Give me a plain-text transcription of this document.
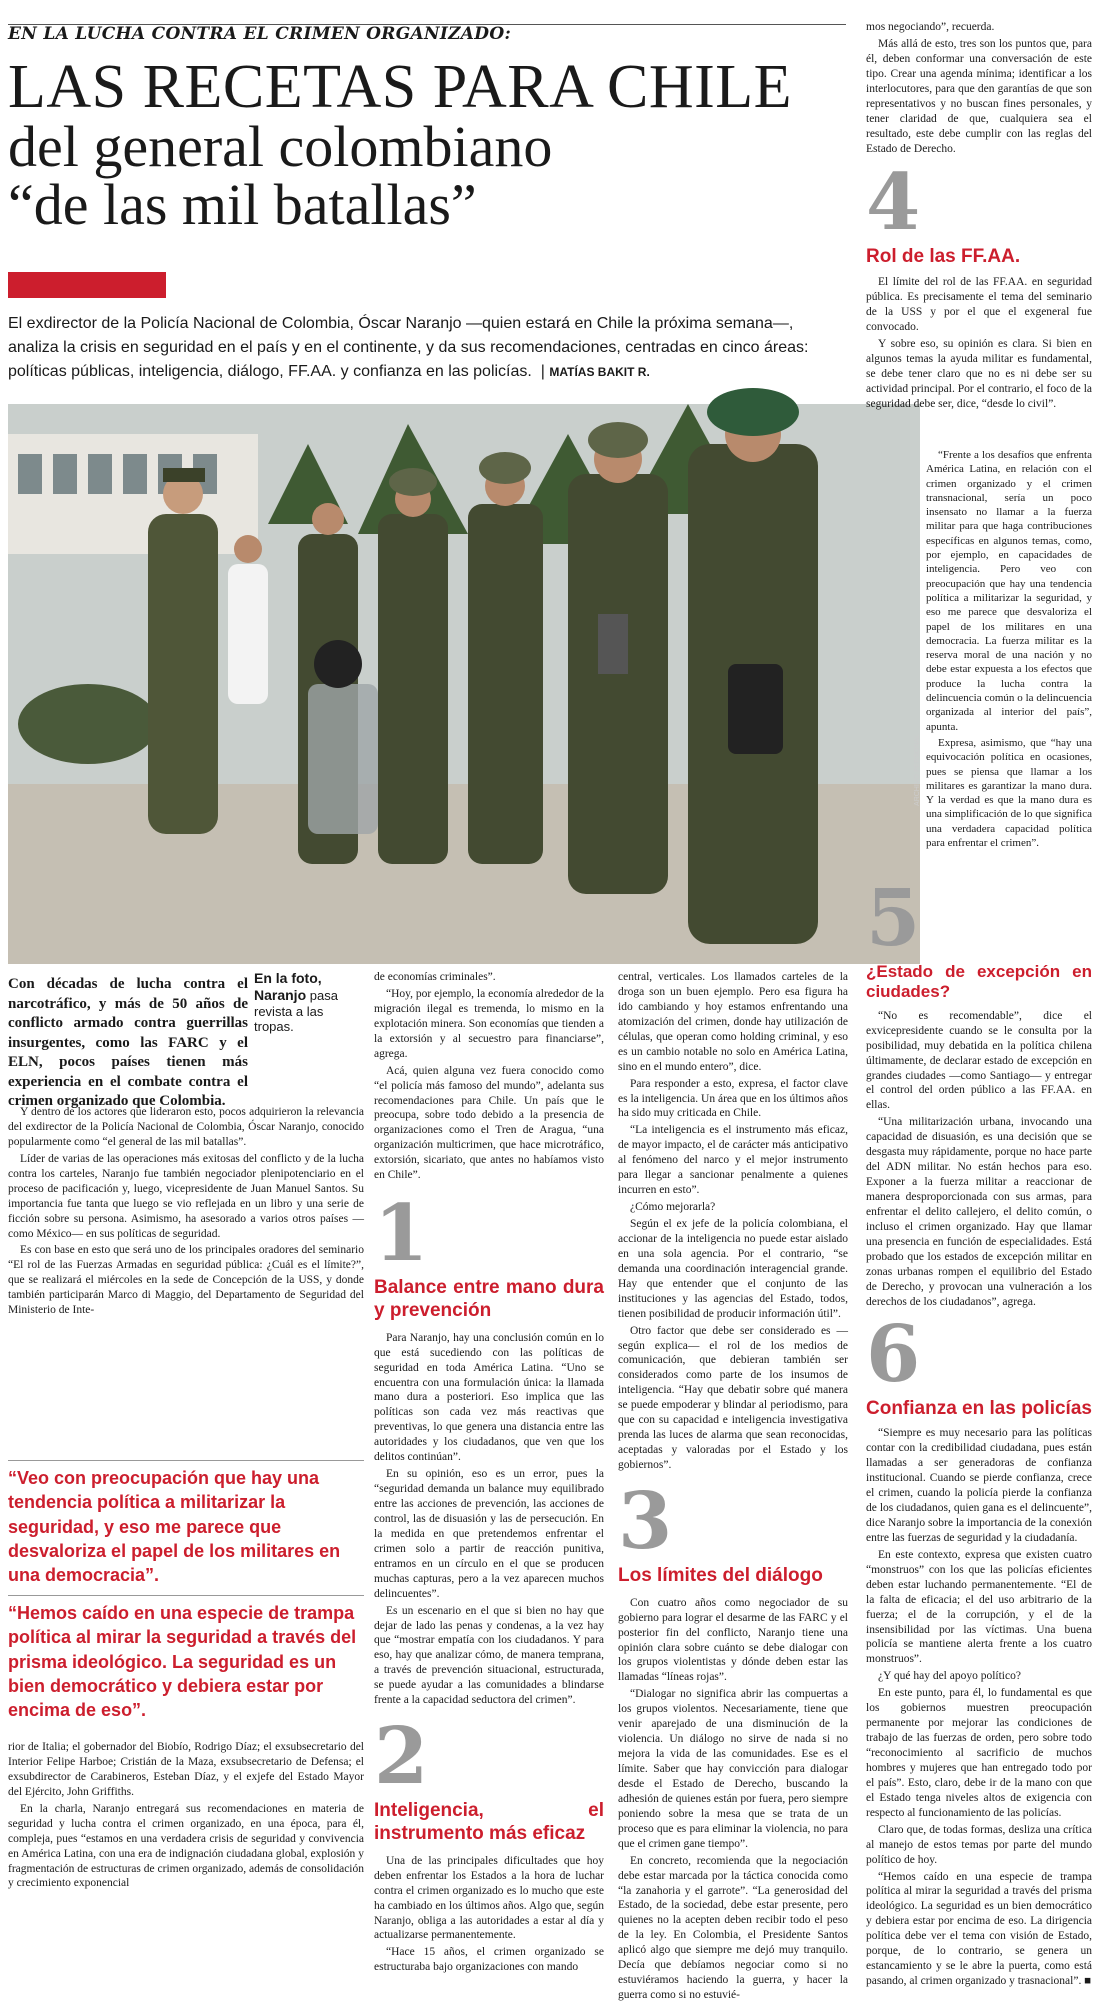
EN LA LUCHA CONTRA EL CRIMEN ORGANIZADO:
LAS RECETAS PARA CHILE
del general colombiano
“de las mil batallas”
El exdirector de la Policía Nacional de Colombia, Óscar Naranjo —quien estará en Chile la próxima semana—, analiza la crisis en seguridad en el país y en el continente, y da sus recomendaciones, centradas en cinco áreas: políticas públicas, inteligencia, diálogo, FF.AA. y confianza en las policías.  | MATÍAS BAKIT R.
ARCHIVO PERSONAL
En la foto, Naranjo pasa revista a las tropas.

Con décadas de lucha contra el narcotráfico, y más de 50 años de conflicto armado contra guerrillas insurgentes, como las FARC y el ELN, pocos países tienen más experiencia en el combate contra el crimen organizado que Colombia.

Y dentro de los actores que lideraron esto, pocos adquirieron la relevancia del exdirector de la Policía Nacional de Colombia, Óscar Naranjo, conocido popularmente como “el general de las mil batallas”.

Líder de varias de las operaciones más exitosas del conflicto y de la lucha contra los carteles, Naranjo fue también negociador plenipotenciario en el proceso de pacificación y, luego, vicepresidente de Juan Manuel Santos. Su importancia fue tanta que luego se vio reflejada en un libro y una serie de ficción sobre su persona. Asimismo, ha asesorado a varios otros países —como México— en sus políticas de seguridad.

Es con base en esto que será uno de los principales oradores del seminario “El rol de las Fuerzas Armadas en seguridad pública: ¿Cuál es el límite?”, que se realizará el miércoles en la sede de Concepción de la USS, y donde también participarán Marco di Maggio, del Departamento de Seguridad del Ministerio de Inte-

“Veo con preocupación que hay una tendencia política a militarizar la seguridad, y eso me parece que desvaloriza el papel de los militares en una democracia”.
“Hemos caído en una especie de trampa política al mirar la seguridad a través del prisma ideológico. La seguridad es un bien democrático y debiera estar por encima de eso”.

rior de Italia; el gobernador del Biobío, Rodrigo Díaz; el exsubsecretario del Interior Felipe Harboe; Cristián de la Maza, exsubsecretario de Defensa; el exsubdirector de Carabineros, Esteban Díaz, y el exjefe del Estado Mayor del Ejército, John Griffiths.

En la charla, Naranjo entregará sus recomendaciones en materia de seguridad y lucha contra el crimen organizado, en una época, para él, compleja, pues “estamos en una verdadera crisis de seguridad y convivencia en América Latina, con una era de indignación ciudadana global, explosión y fragmentación de estructuras de crimen organizado, además de consolidación y crecimiento exponencial

de economías criminales”.

“Hoy, por ejemplo, la economía alrededor de la migración ilegal es tremenda, lo mismo en la explotación minera. Son economías que tienden a la extorsión y al secuestro para financiarse”, agrega.

Acá, quien alguna vez fuera conocido como “el policía más famoso del mundo”, adelanta sus recomendaciones para Chile. Un país que le preocupa, sobre todo debido a la presencia de organizaciones como el Tren de Aragua, “una organización multicrimen, que hace microtráfico, extorsión, sicariato, que antes no habíamos visto en Chile”.

1
Balance entre mano dura y prevención

Para Naranjo, hay una conclusión común en lo que está sucediendo con las políticas de seguridad en toda América Latina. “Uno se encuentra con una formulación única: la llamada mano dura a posteriori. Eso implica que las políticas son cada vez más reactivas que preventivas, lo que genera una distancia entre las autoridades y los ciudadanos, que ven que los delitos continúan”.

En su opinión, eso es un error, pues la “seguridad demanda un balance muy equilibrado entre las acciones de prevención, las acciones de control, las de disuasión y las de persecución. En la medida en que pretendemos enfrentar el crimen solo a partir de reacción punitiva, entramos en un círculo en el que se producen muchas capturas, pero a la vez aparecen muchos delincuentes”.

Es un escenario en el que si bien no hay que dejar de lado las penas y condenas, a la vez hay que “mostrar empatía con los ciudadanos. Y para eso, hay que analizar cómo, de manera temprana, a través de prevención situacional, estructurada, se puede ayudar a las comunidades a blindarse frente a la capacidad seductora del crimen”.

2
Inteligencia, el instrumento más eficaz

Una de las principales dificultades que hoy deben enfrentar los Estados a la hora de luchar contra el crimen organizado es lo mucho que este ha cambiado en los últimos años. Algo que, según Naranjo, obliga a las autoridades a estar al día y actualizarse permanentemente.

“Hace 15 años, el crimen organizado se estructuraba bajo organizaciones con mando

central, verticales. Los llamados carteles de la droga son un buen ejemplo. Pero esa figura ha ido cambiando y hoy estamos enfrentando una atomización del crimen, donde hay utilización de células, que operan como holding criminal, y eso es un cambio notable no solo en América Latina, sino en el mundo entero”, dice.

Para responder a esto, expresa, el factor clave es la inteligencia. Un área que en los últimos años ha sido muy criticada en Chile.

“La inteligencia es el instrumento más eficaz, de mayor impacto, el de carácter más anticipativo al fenómeno del narco y el mejor instrumento para llegar a sancionar penalmente a quienes incurren en esto”.

¿Cómo mejorarla?

Según el ex jefe de la policía colombiana, el accionar de la inteligencia no puede estar aislado en una sola agencia. Por el contrario, “se demanda una coordinación interagencial grande. Hay que entender que el conjunto de las instituciones y las agencias del Estado, todos, tienen posibilidad de producir información útil”.

Otro factor que debe ser considerado es —según explica— el rol de los medios de comunicación, que debieran también ser considerados como parte de los insumos de inteligencia. “Hay que debatir sobre qué manera se puede empoderar y blindar al periodismo, para que con su capacidad e inteligencia investigativa prenda las luces de alarma que sean reconocidas, aceptadas y valoradas por el Estado y los gobiernos”.

3
Los límites del diálogo

Con cuatro años como negociador de su gobierno para lograr el desarme de las FARC y el posterior fin del conflicto, Naranjo tiene una opinión clara sobre cuánto se debe dialogar con los grupos violentistas y dónde deben estar las llamadas “líneas rojas”.

“Dialogar no significa abrir las compuertas a los grupos violentos. Necesariamente, tiene que venir aparejado de una disminución de la violencia. Un diálogo no sirve de nada si no mejora la vida de las comunidades. Ese es el límite. Saber que hay convicción para dialogar desde el Estado de Derecho, buscando la adhesión de quienes están por fuera, pero siempre poniendo sobre la mesa que se trata de un proceso que es para eliminar la violencia, no para que el crimen gane tiempo”.

En concreto, recomienda que la negociación debe estar marcada por la táctica conocida como “la zanahoria y el garrote”. “La generosidad del Estado, de la sociedad, debe estar presente, pero quienes no la acepten deben recibir todo el peso de la ley. En Colombia, el Presidente Santos aplicó algo que siempre me dejó muy tranquilo. Decía que debíamos negociar como si no estuviéramos haciendo la guerra, y hacer la guerra como si no estuvié-

mos negociando”, recuerda.

Más allá de esto, tres son los puntos que, para él, deben conformar una conversación de este tipo. Crear una agenda mínima; identificar a los interlocutores, para que den garantías de que son representativos y no buscan fines personales, y tener claridad de que, cualquiera sea el resultado, este debe cumplir con las reglas del Estado de Derecho.

4
Rol de las FF.AA.

El límite del rol de las FF.AA. en seguridad pública. Es precisamente el tema del seminario de la USS y por el que el exgeneral fue convocado.

Y sobre eso, su opinión es clara. Si bien en algunos temas la ayuda militar es fundamental, se debe tener claro que no es ni debe ser su actividad principal. Por el contrario, el foco de la seguridad debe ser, dice, “desde lo civil”.

“Frente a los desafíos que enfrenta América Latina, en relación con el crimen organizado y el crimen transnacional, sería un poco insensato no llamar a la fuerza militar para que haga contribuciones específicas en algunos temas, como, por ejemplo, en capacidades de inteligencia. Pero veo con preocupación que hay una tendencia política a militarizar la seguridad, y eso me parece que desvaloriza el papel de los militares en una democracia. La fuerza militar es la reserva moral de una nación y no debe estar expuesta a los efectos que produce la lucha contra la delincuencia común o la delincuencia organizada al interior del país”, apunta.

Expresa, asimismo, que “hay una equivocación política en ocasiones, pues se piensa que llamar a los militares es garantizar la mano dura. Y la verdad es que la mano dura es una simplificación de lo que significa una verdadera capacidad política para enfrentar el crimen”.

5
¿Estado de excepción en ciudades?

“No es recomendable”, dice el exvicepresidente cuando se le consulta por la posibilidad, muy debatida en la política chilena últimamente, de declarar estado de excepción en grandes ciudades —como Santiago— y entregar el control del orden público a las FF.AA. en ellas.

“Una militarización urbana, invocando una capacidad de disuasión, es una decisión que se desgasta muy rápidamente, porque no hace parte del ADN militar. No están hechos para eso. Exponer a la fuerza militar a reaccionar de manera desproporcionada con sus armas, para enfrentar el delito callejero, el delito común, o incluso el crimen organizado. Hay que llamar una presencia en función de especialidades. Está probado que los estados de excepción militar en zonas urbanas rompen el equilibrio del Estado de Derecho, y provocan una vulneración a los derechos de los ciudadanos”, agrega.

6
Confianza en las policías

“Siempre es muy necesario para las políticas contar con la credibilidad ciudadana, pues están llamadas a ser generadoras de confianza institucional. Cuando se pierde confianza, crece el crimen, cuando la policía pierde la confianza de los ciudadanos, quien gana es el delincuente”, dice Naranjo sobre la importancia de la conexión entre las fuerzas de seguridad y la ciudadanía.

En este contexto, expresa que existen cuatro “monstruos” con los que las policías eficientes deben estar luchando permanentemente. “El de la falta de eficacia; el del uso arbitrario de la fuerza; el de la corrupción, y el de la insensibilidad por las víctimas. Una buena policía se mantiene alerta frente a los cuatro monstruos”.

¿Y qué hay del apoyo político?

En este punto, para él, lo fundamental es que los gobiernos muestren preocupación permanente por mejorar las condiciones de trabajo de las fuerzas de orden, pero sobre todo “reconocimiento al sacrificio de muchos hombres y mujeres que han entregado todo por el país”. Esto, claro, debe ir de la mano con que el Estado tenga niveles altos de exigencia con respecto al funcionamiento de las policías.

Claro que, de todas formas, desliza una crítica al manejo de estos temas por parte del mundo político de hoy.

“Hemos caído en una especie de trampa política al mirar la seguridad a través del prisma ideológico. La seguridad es un bien democrático y debiera estar por encima de eso. La dirigencia política debe ver el tema con visión de Estado, porque, de lo contrario, se genera un estancamiento y se le abre la puerta, como está pasando, al crimen organizado y trasnacional”. ■
